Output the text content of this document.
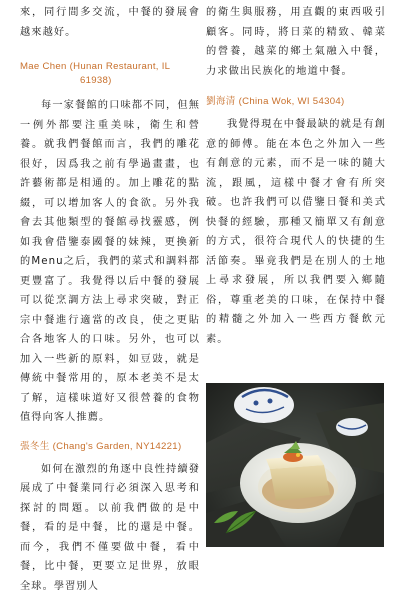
來，同行間多交流，中餐的發展會越來越好。

Mae Chen (Hunan Restaurant, IL
61938)

每一家餐館的口味都不同，但無一例外都要注重美味，衛生和營養。就我們餐館而言，我們的雕花很好，因爲我之前有學過畫畫，也許藝術都是相通的。加上雕花的點綴，可以增加客人的食欲。另外我會去其他類型的餐館尋找靈感，例如我會借鑒泰國餐的妹辣，更換新的Menu之后，我們的菜式和調料都更豐富了。我覺得以后中餐的發展可以從烹調方法上尋求突破，對正宗中餐進行適當的改良，使之更貼合各地客人的口味。另外，也可以加入一些新的原料，如豆豉，就是傳統中餐常用的，原本老美不是太了解，這樣味道好又很營養的食物值得向客人推薦。

張冬生 (Chang's Garden, NY14221)

如何在激烈的角逐中良性持續發展成了中餐業同行必須深入思考和探討的問題。以前我們做的是中餐，看的是中餐，比的還是中餐。而今，我們不僅要做中餐，看中餐，比中餐，更要立足世界，放眼全球。學習別人

的衛生與服務，用直觀的東西吸引顧客。同時，將日菜的精致、韓菜的營養，越菜的鄉土氣融入中餐，力求做出民族化的地道中餐。

劉海清 (China Wok, WI 54304)

我覺得現在中餐最缺的就是有創意的師傅。能在本色之外加入一些有創意的元素，而不是一味的隨大流，跟風，這樣中餐才會有所突破。也許我們可以借鑒日餐和美式快餐的經驗，那種又簡單又有創意的方式，很符合現代人的快捷的生活節奏。畢竟我們是在別人的土地上尋求發展，所以我們要入鄉隨俗，尊重老美的口味，在保持中餐的精髓之外加入一些西方餐飲元素。
